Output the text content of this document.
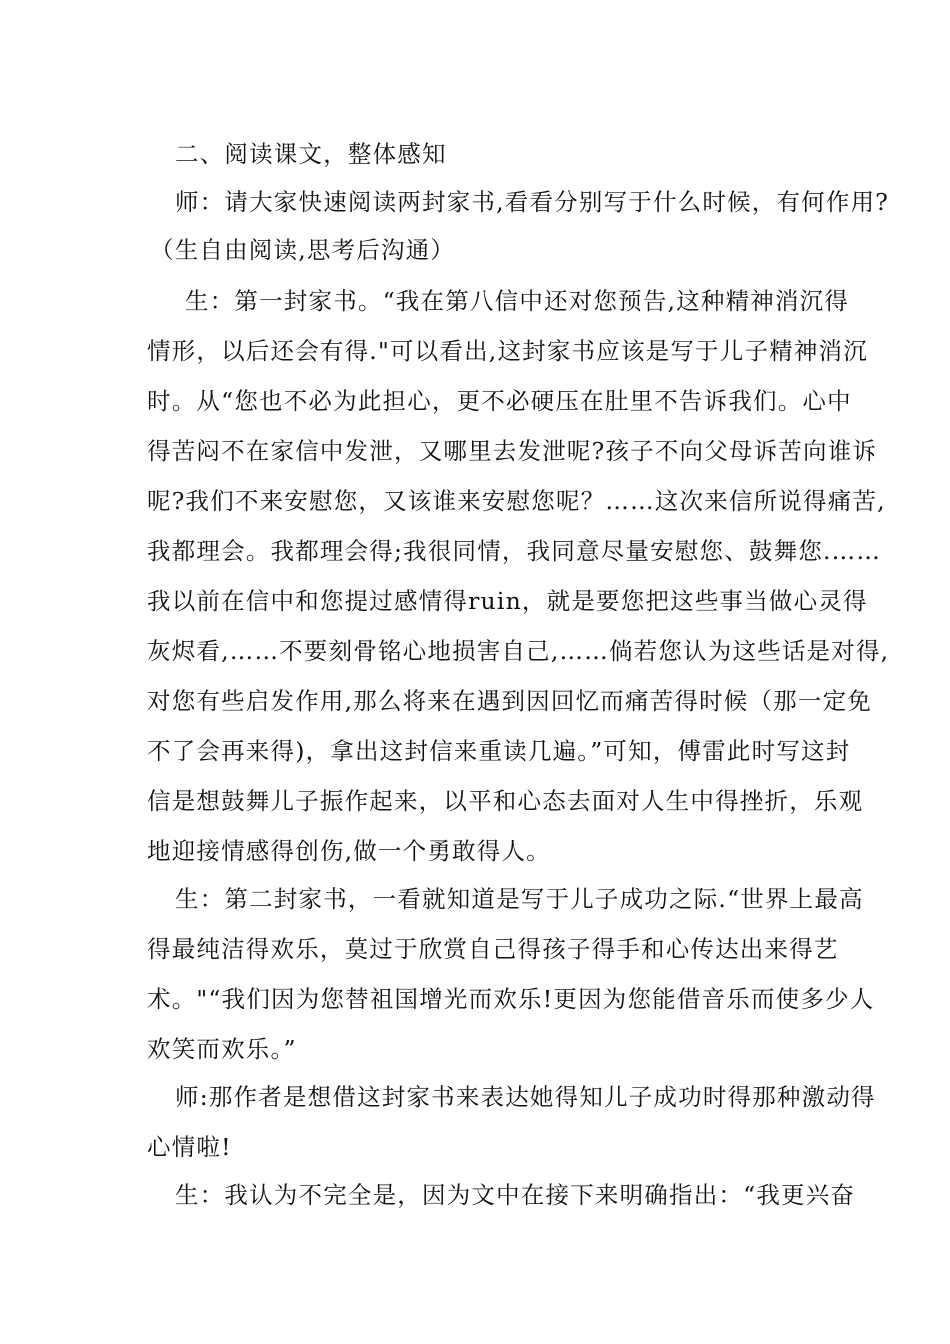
二、阅读课文，整体感知
师：请大家快速阅读两封家书,看看分别写于什么时候，有何作用?
（生自由阅读,思考后沟通）
生：第一封家书。“我在第八信中还对您预告,这种精神消沉得
情形，以后还会有得."可以看出,这封家书应该是写于儿子精神消沉
时。从“您也不必为此担心，更不必硬压在肚里不告诉我们。心中
得苦闷不在家信中发泄，又哪里去发泄呢?孩子不向父母诉苦向谁诉
呢?我们不来安慰您，又该谁来安慰您呢？……这次来信所说得痛苦,
我都理会。我都理会得;我很同情，我同意尽量安慰您、鼓舞您.……
我以前在信中和您提过感情得ruin，就是要您把这些事当做心灵得
灰烬看,……不要刻骨铭心地损害自己,……倘若您认为这些话是对得,
对您有些启发作用,那么将来在遇到因回忆而痛苦得时候（那一定免
不了会再来得)，拿出这封信来重读几遍。”可知，傅雷此时写这封
信是想鼓舞儿子振作起来，以平和心态去面对人生中得挫折，乐观
地迎接情感得创伤,做一个勇敢得人。
生：第二封家书，一看就知道是写于儿子成功之际.“世界上最高
得最纯洁得欢乐，莫过于欣赏自己得孩子得手和心传达出来得艺
术。"“我们因为您替祖国增光而欢乐!更因为您能借音乐而使多少人
欢笑而欢乐。”
师:那作者是想借这封家书来表达她得知儿子成功时得那种激动得
心情啦!
生：我认为不完全是，因为文中在接下来明确指出：“我更兴奋
